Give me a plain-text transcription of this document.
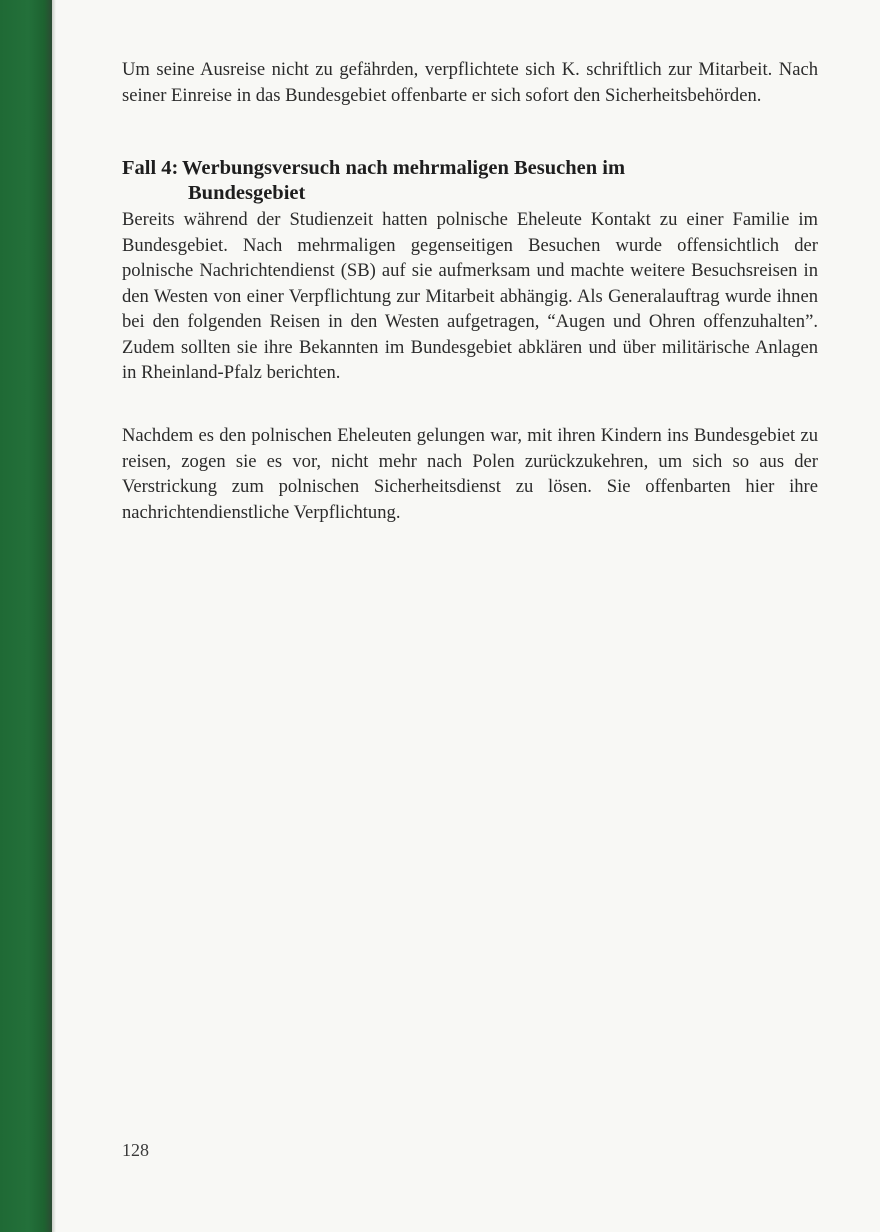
Um seine Ausreise nicht zu gefährden, verpflichtete sich K. schriftlich zur Mitarbeit. Nach seiner Einreise in das Bundesgebiet offenbarte er sich sofort den Sicherheitsbehörden.

Fall 4: Werbungsversuch nach mehrmaligen Besuchen im
Bundesgebiet

Bereits während der Studienzeit hatten polnische Eheleute Kontakt zu einer Familie im Bundesgebiet. Nach mehrmaligen gegenseitigen Besuchen wurde offensichtlich der polnische Nachrichtendienst (SB) auf sie aufmerksam und machte weitere Besuchsreisen in den Westen von einer Verpflichtung zur Mitarbeit abhängig. Als Generalauftrag wurde ihnen bei den folgenden Reisen in den Westen aufgetragen, “Augen und Ohren offenzuhalten”. Zudem sollten sie ihre Bekannten im Bundesgebiet abklären und über militärische Anlagen in Rheinland-Pfalz berichten.

Nachdem es den polnischen Eheleuten gelungen war, mit ihren Kindern ins Bundesgebiet zu reisen, zogen sie es vor, nicht mehr nach Polen zurückzukehren, um sich so aus der Verstrickung zum polnischen Sicherheitsdienst zu lösen. Sie offenbarten hier ihre nachrichtendienstliche Verpflichtung.

128
